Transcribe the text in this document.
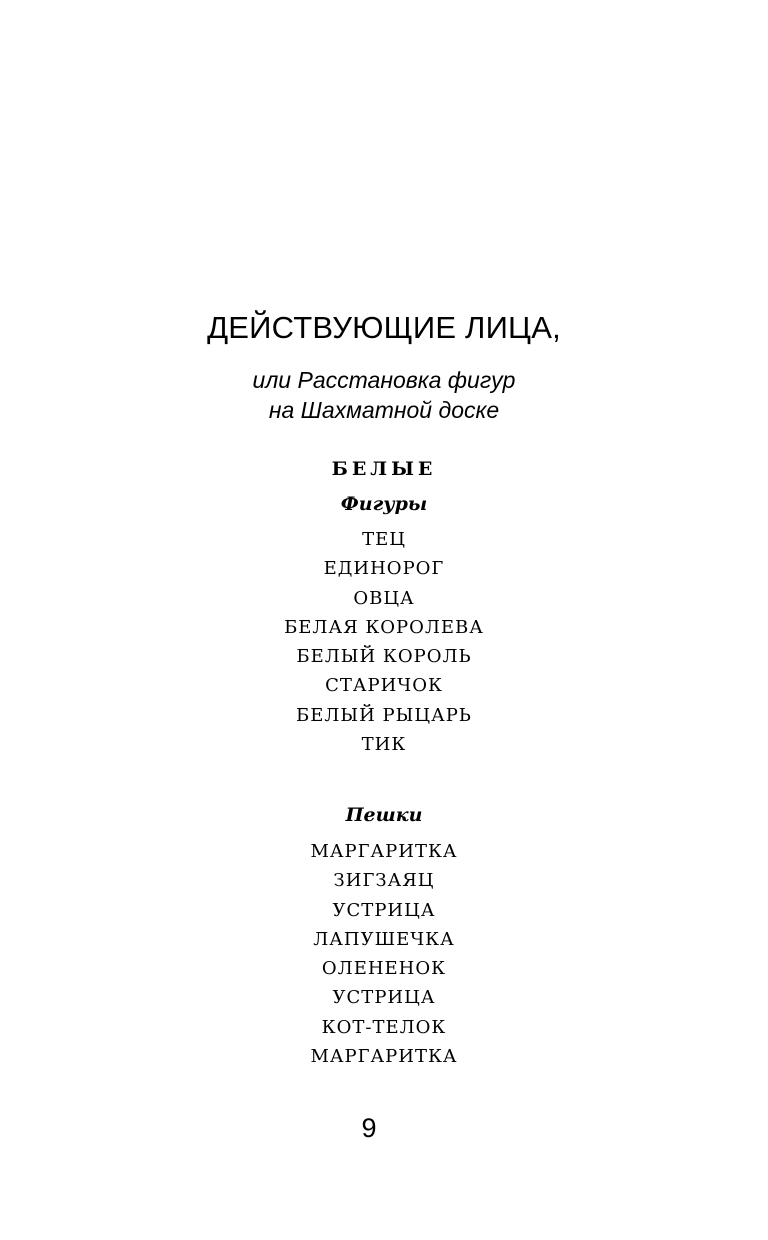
ДЕЙСТВУЮЩИЕ ЛИЦА,
или Расстановка фигур
на Шахматной доске
БЕЛЫЕ
Фигуры
ТЕЦ
ЕДИНОРОГ
ОВЦА
БЕЛАЯ КОРОЛЕВА
БЕЛЫЙ КОРОЛЬ
СТАРИЧОК
БЕЛЫЙ РЫЦАРЬ
ТИК
Пешки
МАРГАРИТКА
ЗИГЗАЯЦ
УСТРИЦА
ЛАПУШЕЧКА
ОЛЕНЕНОК
УСТРИЦА
КОТ-ТЕЛОК
МАРГАРИТКА
9
